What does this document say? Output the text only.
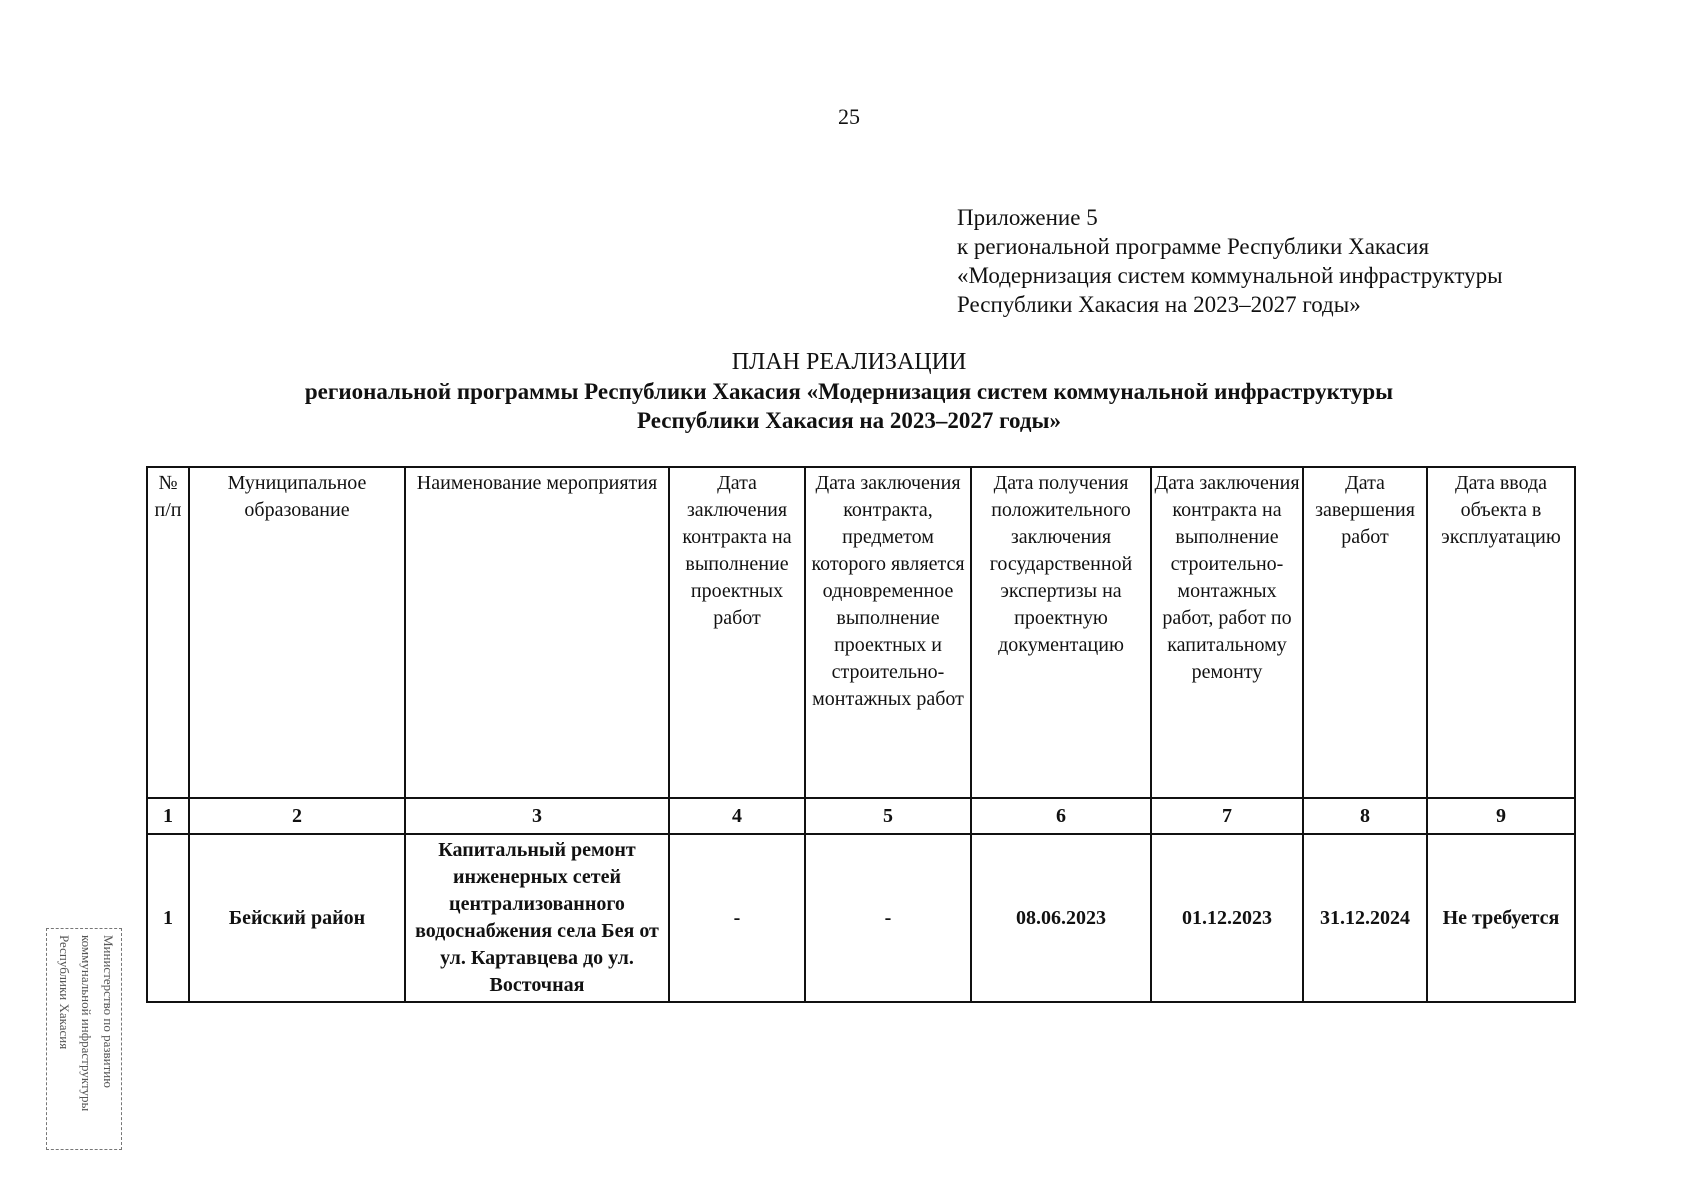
25
Приложение 5
к региональной программе Республики Хакасия
«Модернизация систем коммунальной инфраструктуры
Республики Хакасия на 2023–2027 годы»
ПЛАН РЕАЛИЗАЦИИ
региональной программы Республики Хакасия «Модернизация систем коммунальной инфраструктуры
Республики Хакасия на 2023–2027 годы»
№ п/п	Муниципальное образование	Наименование мероприятия	Дата заключения контракта на выполнение проектных работ	Дата заключения контракта, предметом которого является одновременное выполнение проектных и строительно-монтажных работ	Дата получения положительного заключения государственной экспертизы на проектную документацию	Дата заключения контракта на выполнение строительно-монтажных работ, работ по капитальному ремонту	Дата завершения работ	Дата ввода объекта в эксплуатацию
1	2	3	4	5	6	7	8	9
1	Бейский район	Капитальный ремонт инженерных сетей централизованного водоснабжения села Бея от ул. Картавцева до ул. Восточная	-	-	08.06.2023	01.12.2023	31.12.2024	Не требуется
Министерство по развитию
коммунальной инфраструктуры
Республики Хакасия
